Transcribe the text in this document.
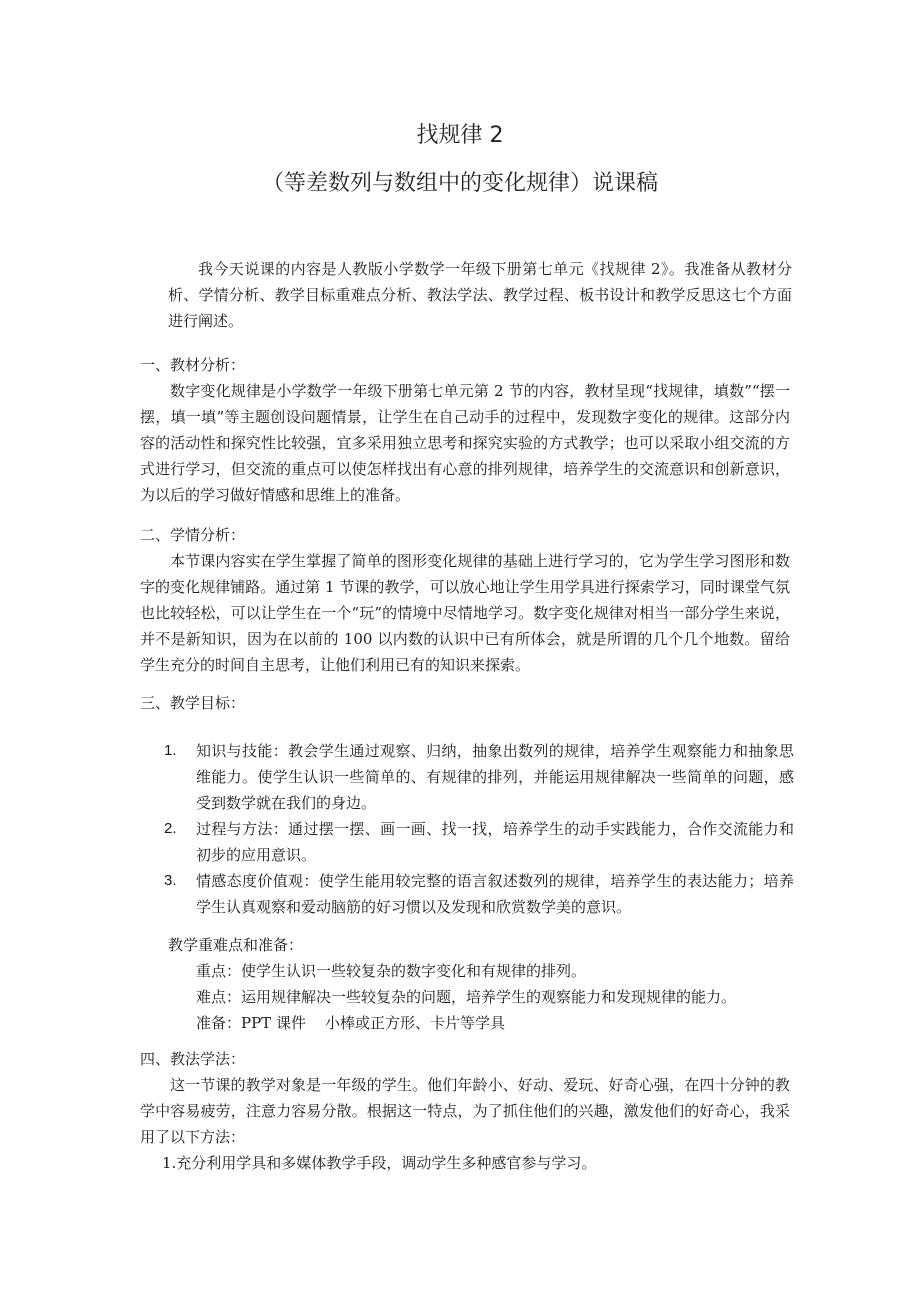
找规律 2
（等差数列与数组中的变化规律）说课稿

我今天说课的内容是人教版小学数学一年级下册第七单元《找规律 2》。我准备从教材分析、学情分析、教学目标重难点分析、教法学法、教学过程、板书设计和教学反思这七个方面进行阐述。

一、教材分析：

数字变化规律是小学数学一年级下册第七单元第 2 节的内容，教材呈现“找规律，填数”“摆一摆，填一填”等主题创设问题情景，让学生在自己动手的过程中，发现数字变化的规律。这部分内容的活动性和探究性比较强，宜多采用独立思考和探究实验的方式教学；也可以采取小组交流的方式进行学习，但交流的重点可以使怎样找出有心意的排列规律，培养学生的交流意识和创新意识，为以后的学习做好情感和思维上的准备。

二、学情分析：

本节课内容实在学生掌握了简单的图形变化规律的基础上进行学习的，它为学生学习图形和数字的变化规律铺路。通过第 1 节课的教学，可以放心地让学生用学具进行探索学习，同时课堂气氛也比较轻松，可以让学生在一个“玩”的情境中尽情地学习。数字变化规律对相当一部分学生来说，并不是新知识，因为在以前的 100 以内数的认识中已有所体会，就是所谓的几个几个地数。留给学生充分的时间自主思考，让他们利用已有的知识来探索。

三、教学目标：

1. 知识与技能：教会学生通过观察、归纳，抽象出数列的规律，培养学生观察能力和抽象思维能力。使学生认识一些简单的、有规律的排列，并能运用规律解决一些简单的问题，感受到数学就在我们的身边。
2. 过程与方法：通过摆一摆、画一画、找一找，培养学生的动手实践能力，合作交流能力和初步的应用意识。
3. 情感态度价值观：使学生能用较完整的语言叙述数列的规律，培养学生的表达能力；培养学生认真观察和爱动脑筋的好习惯以及发现和欣赏数学美的意识。

教学重难点和准备：

重点：使学生认识一些较复杂的数字变化和有规律的排列。
难点：运用规律解决一些较复杂的问题，培养学生的观察能力和发现规律的能力。
准备：PPT 课件    小棒或正方形、卡片等学具

四、教法学法：

这一节课的教学对象是一年级的学生。他们年龄小、好动、爱玩、好奇心强，在四十分钟的教学中容易疲劳，注意力容易分散。根据这一特点，为了抓住他们的兴趣，激发他们的好奇心，我采用了以下方法：

1.充分利用学具和多媒体教学手段，调动学生多种感官参与学习。
